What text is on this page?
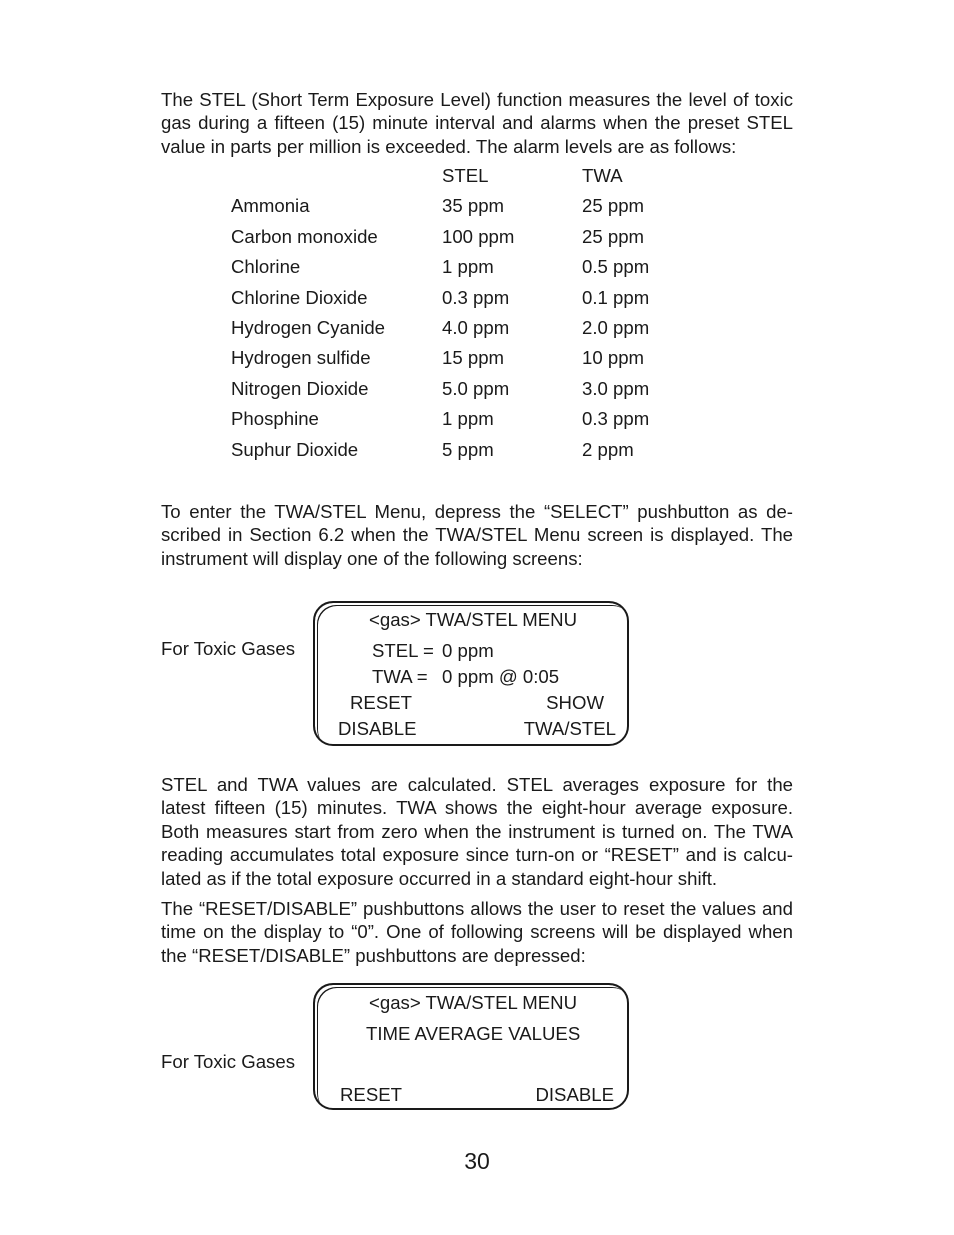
The STEL (Short Term Exposure Level) function measures the level of toxic
gas during a fifteen (15) minute interval and alarms when the preset STEL
value in parts per million is exceeded. The alarm levels are as follows:
STEL	TWA
Ammonia	35 ppm	25 ppm
Carbon monoxide	100 ppm	25 ppm
Chlorine	1 ppm	0.5 ppm
Chlorine Dioxide	0.3 ppm	0.1 ppm
Hydrogen Cyanide	4.0 ppm	2.0 ppm
Hydrogen sulfide	15 ppm	10 ppm
Nitrogen Dioxide	5.0 ppm	3.0 ppm
Phosphine	1 ppm	0.3 ppm
Suphur Dioxide	5 ppm	2 ppm
To enter the TWA/STEL Menu, depress the “SELECT” pushbutton as de-
scribed in Section 6.2 when the TWA/STEL Menu screen is displayed. The
instrument will display one of the following screens:
For Toxic Gases
<gas> TWA/STEL MENU
STEL = 0 ppm
TWA = 0 ppm @ 0:05
RESET
DISABLE
SHOW
TWA/STEL
STEL and TWA values are calculated. STEL averages exposure for the
latest fifteen (15) minutes. TWA shows the eight-hour average exposure.
Both measures start from zero when the instrument is turned on. The TWA
reading accumulates total exposure since turn-on or “RESET” and is calcu-
lated as if the total exposure occurred in a standard eight-hour shift.
The “RESET/DISABLE” pushbuttons allows the user to reset the values and
time on the display to “0”. One of following screens will be displayed when
the “RESET/DISABLE” pushbuttons are depressed:
For Toxic Gases
<gas> TWA/STEL MENU
TIME AVERAGE VALUES
RESET	DISABLE
30
